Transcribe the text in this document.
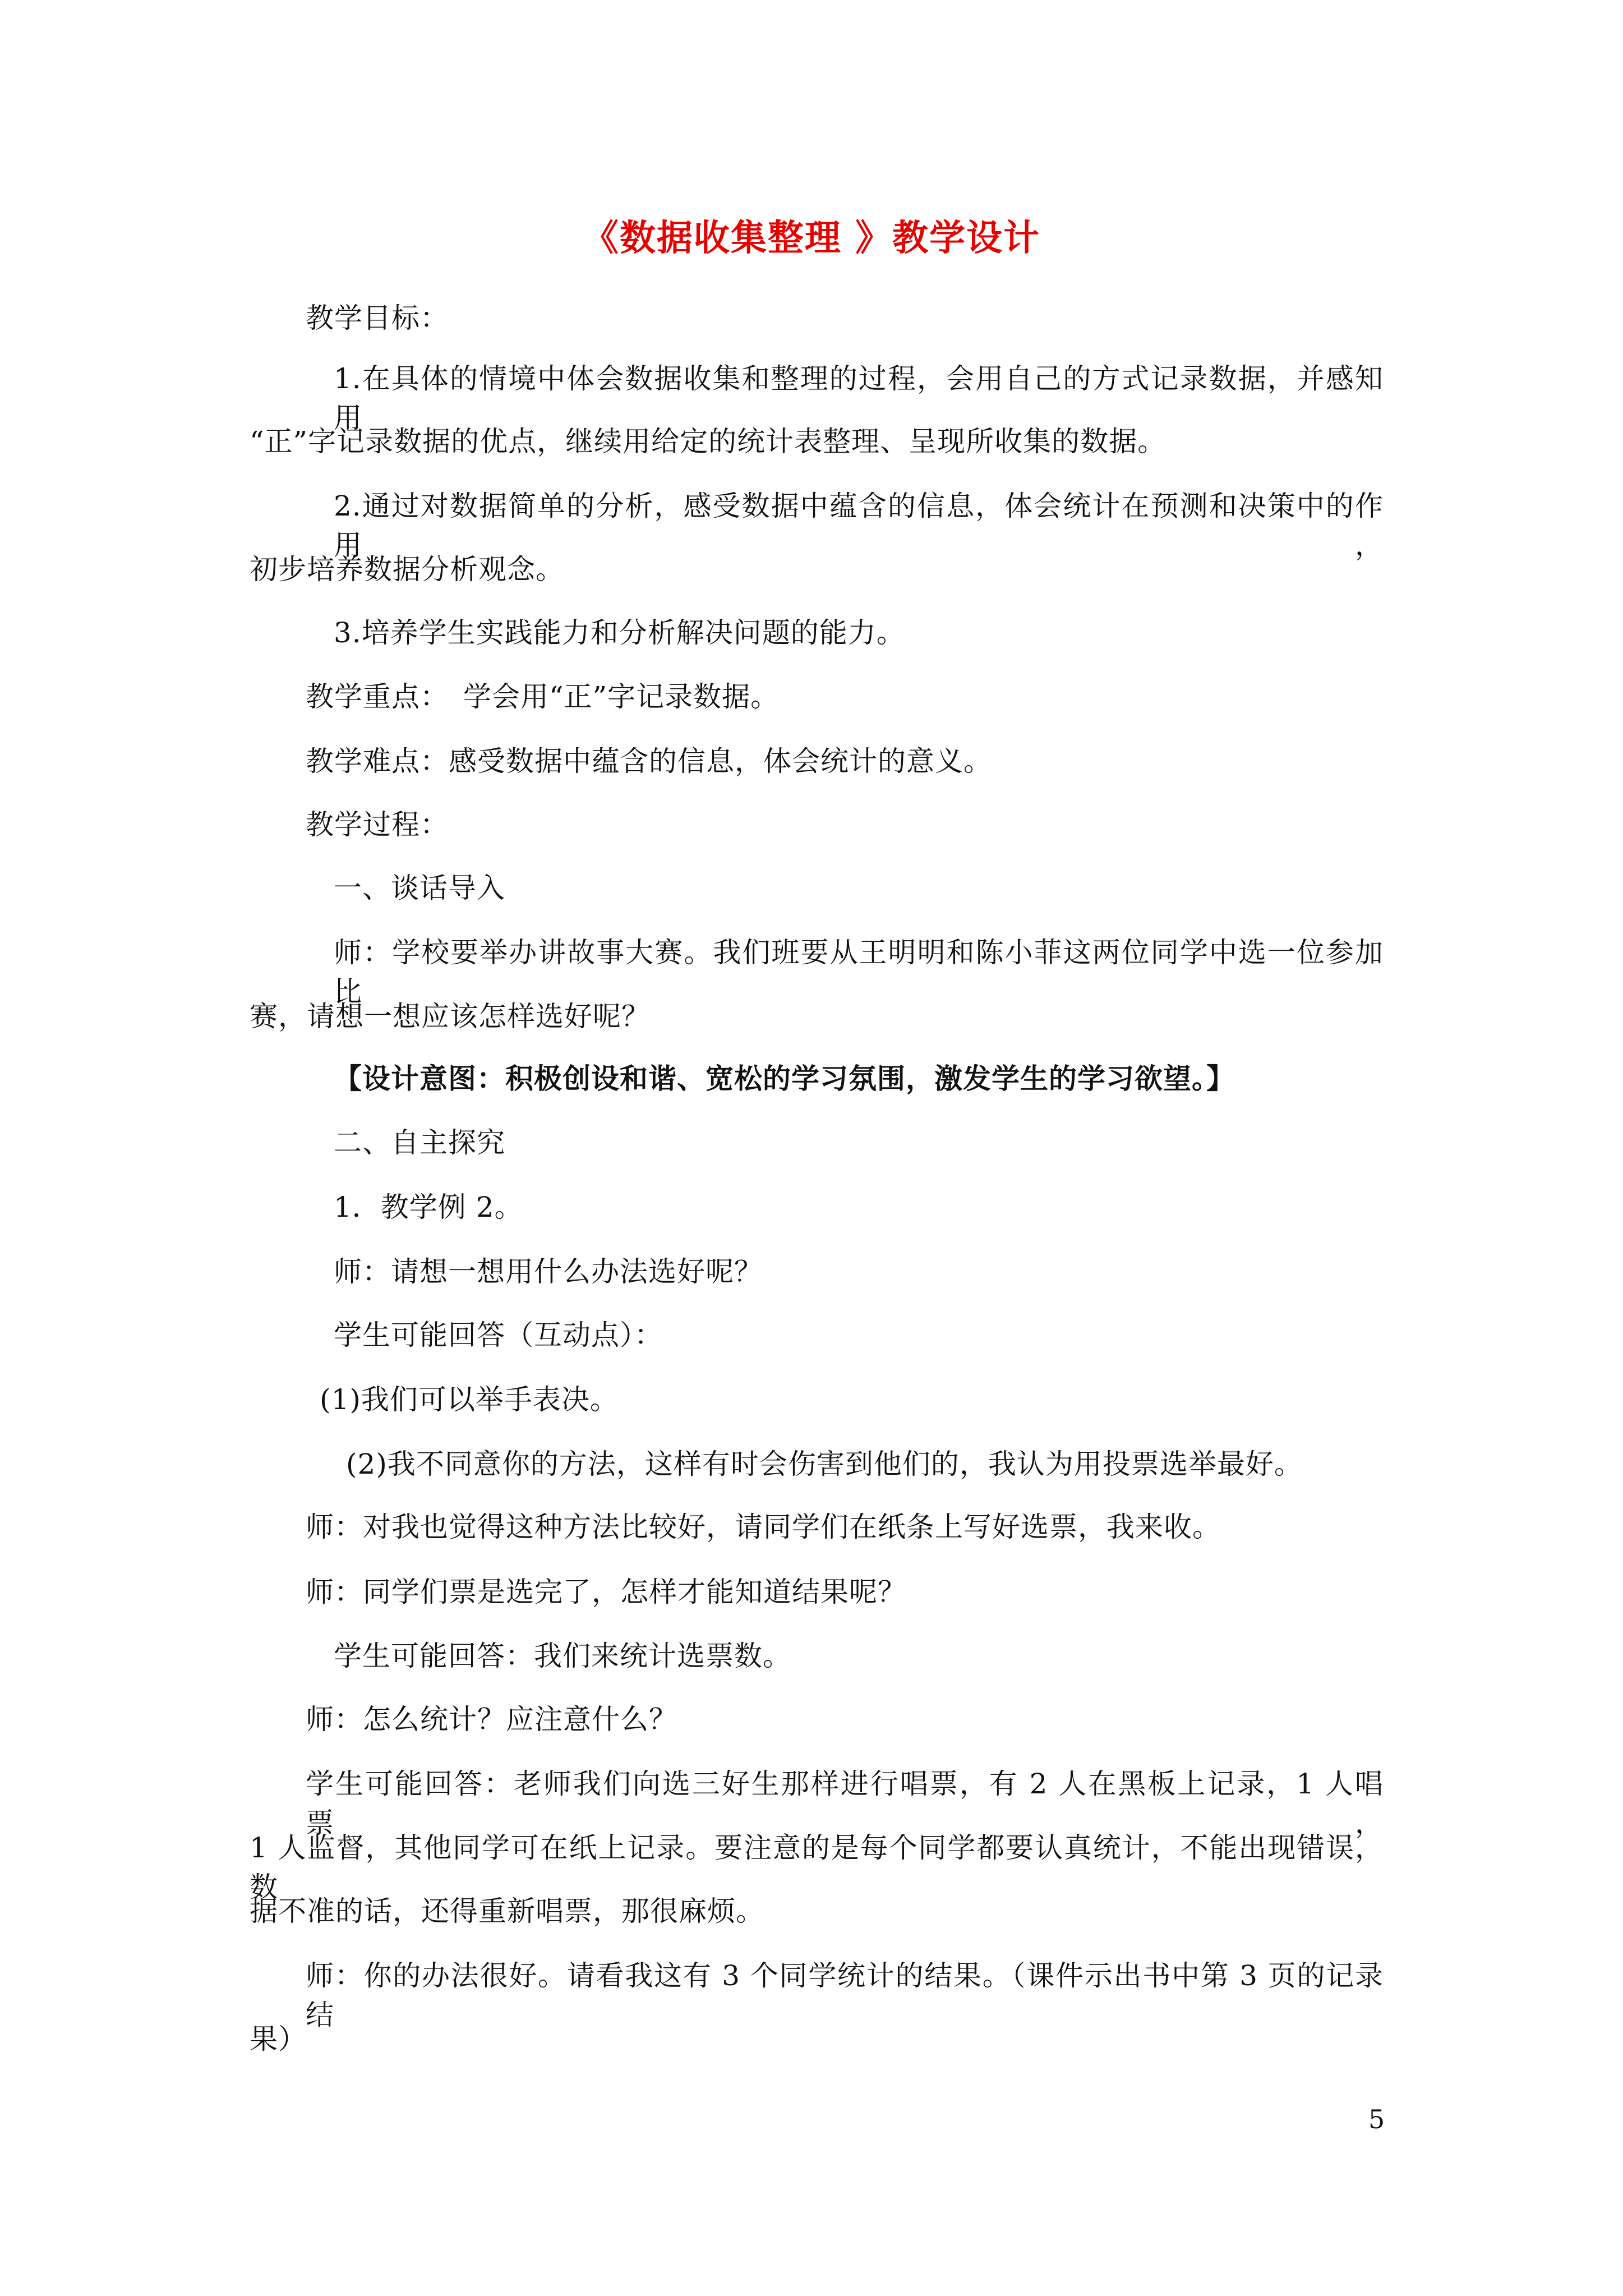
《数据收集整理 》教学设计
教学目标：
1.在具体的情境中体会数据收集和整理的过程，会用自己的方式记录数据，并感知用
“正”字记录数据的优点，继续用给定的统计表整理、呈现所收集的数据。
2.通过对数据简单的分析，感受数据中蕴含的信息，体会统计在预测和决策中的作用，
初步培养数据分析观念。
3.培养学生实践能力和分析解决问题的能力。
教学重点：　学会用“正”字记录数据。
教学难点：感受数据中蕴含的信息，体会统计的意义。
教学过程：
一、谈话导入
师：学校要举办讲故事大赛。我们班要从王明明和陈小菲这两位同学中选一位参加比
赛，请想一想应该怎样选好呢？
【设计意图：积极创设和谐、宽松的学习氛围，激发学生的学习欲望。】
二、自主探究
1．教学例 2。
师：请想一想用什么办法选好呢？
学生可能回答（互动点）：
(1)我们可以举手表决。
(2)我不同意你的方法，这样有时会伤害到他们的，我认为用投票选举最好。
师：对我也觉得这种方法比较好，请同学们在纸条上写好选票，我来收。
师：同学们票是选完了，怎样才能知道结果呢？
学生可能回答：我们来统计选票数。
师：怎么统计？应注意什么？
学生可能回答：老师我们向选三好生那样进行唱票，有 2 人在黑板上记录，1 人唱票，
1 人监督，其他同学可在纸上记录。要注意的是每个同学都要认真统计，不能出现错误，数
据不准的话，还得重新唱票，那很麻烦。
师：你的办法很好。请看我这有 3 个同学统计的结果。（课件示出书中第 3 页的记录结
果）
5
